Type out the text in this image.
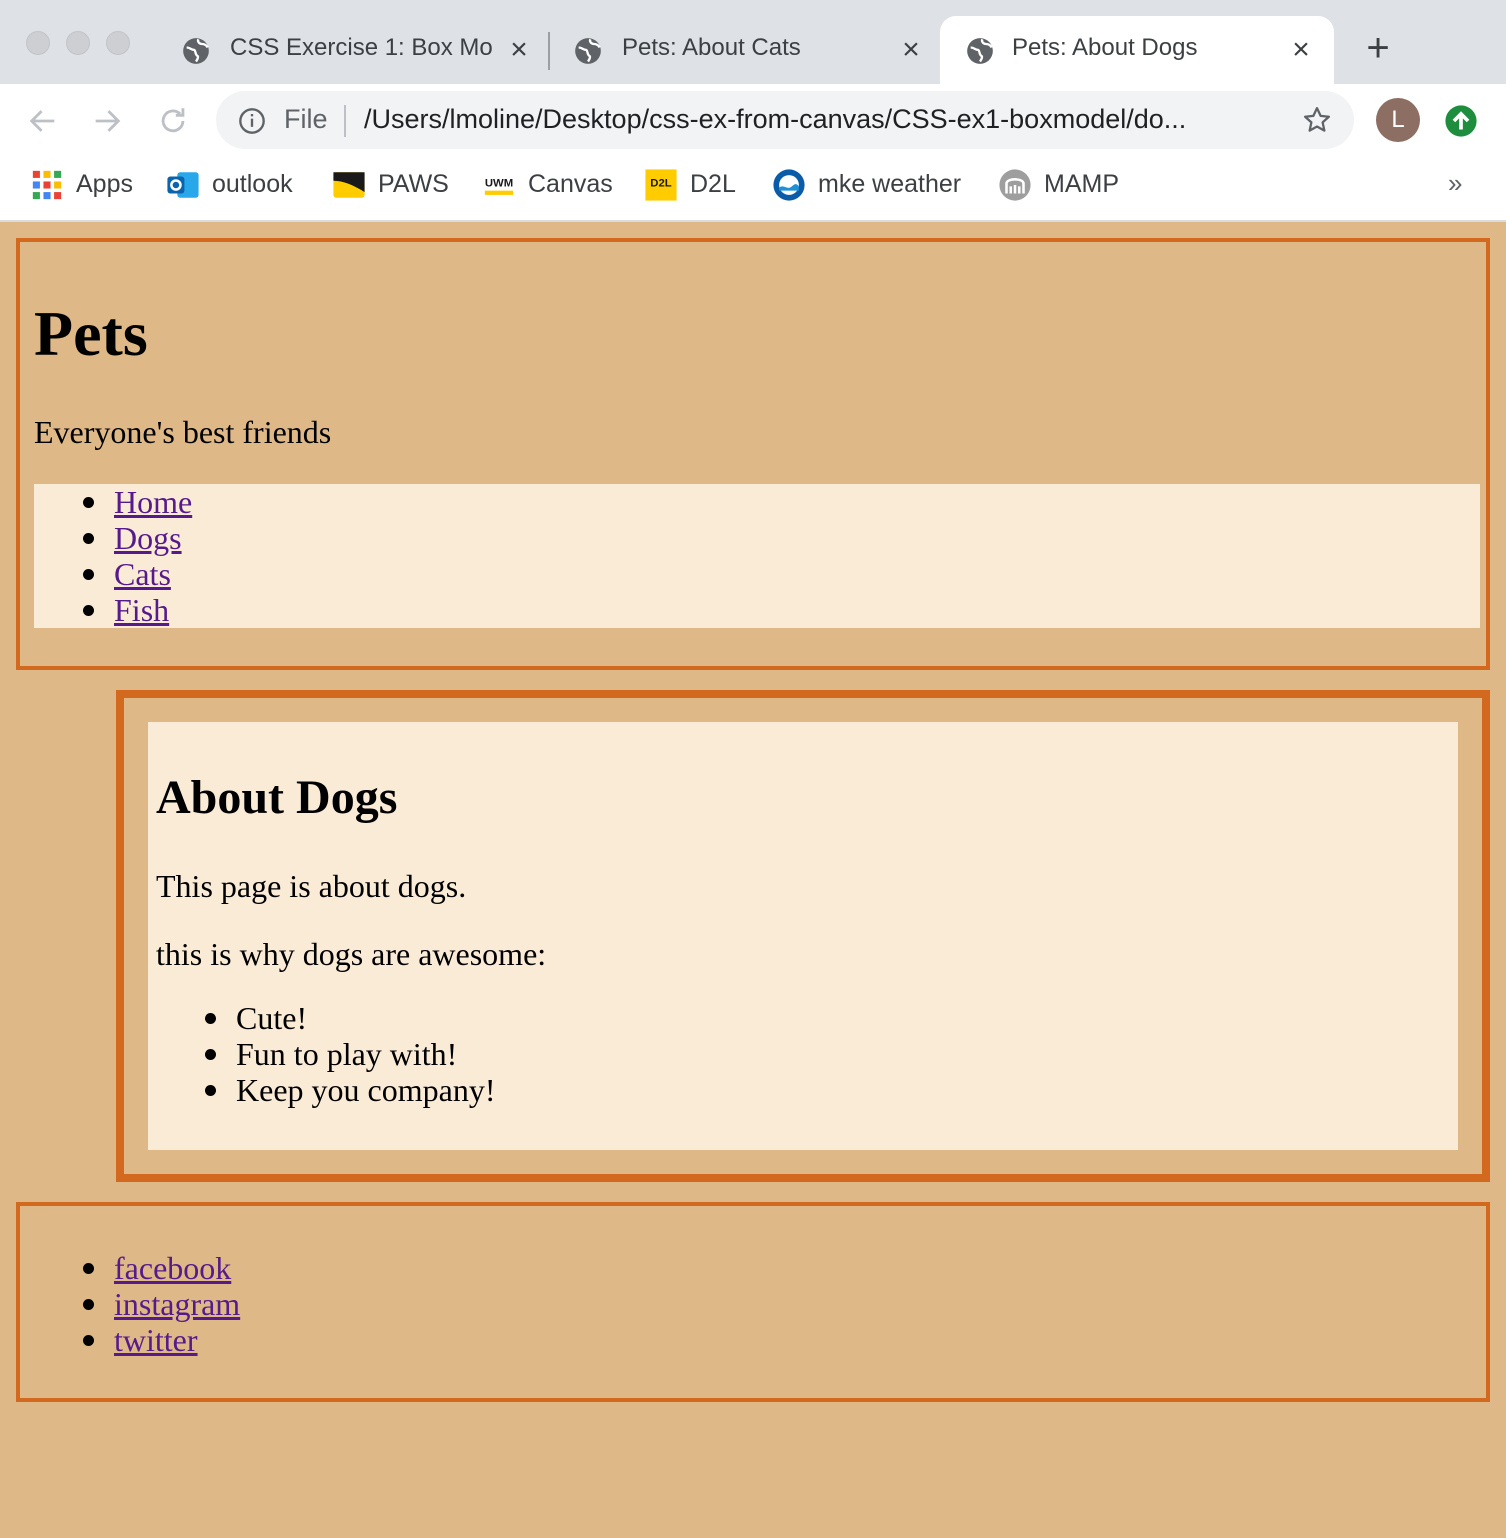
CSS Exercise 1: Box Mo ×	Pets: About Cats	×	Pets: About Dogs	× +
File /Users/lmoline/Desktop/css-ex-from-canvas/CSS-ex1-boxmodel/do...	L
Apps	outlook	PAWS	UWM Canvas	D2L D2L	mke weather	MAMP	»
Pets

Everyone's best friends

Home
Dogs
Cats
Fish
About Dogs

This page is about dogs.

this is why dogs are awesome:

Cute!
Fun to play with!
Keep you company!
facebook
instagram
twitter
